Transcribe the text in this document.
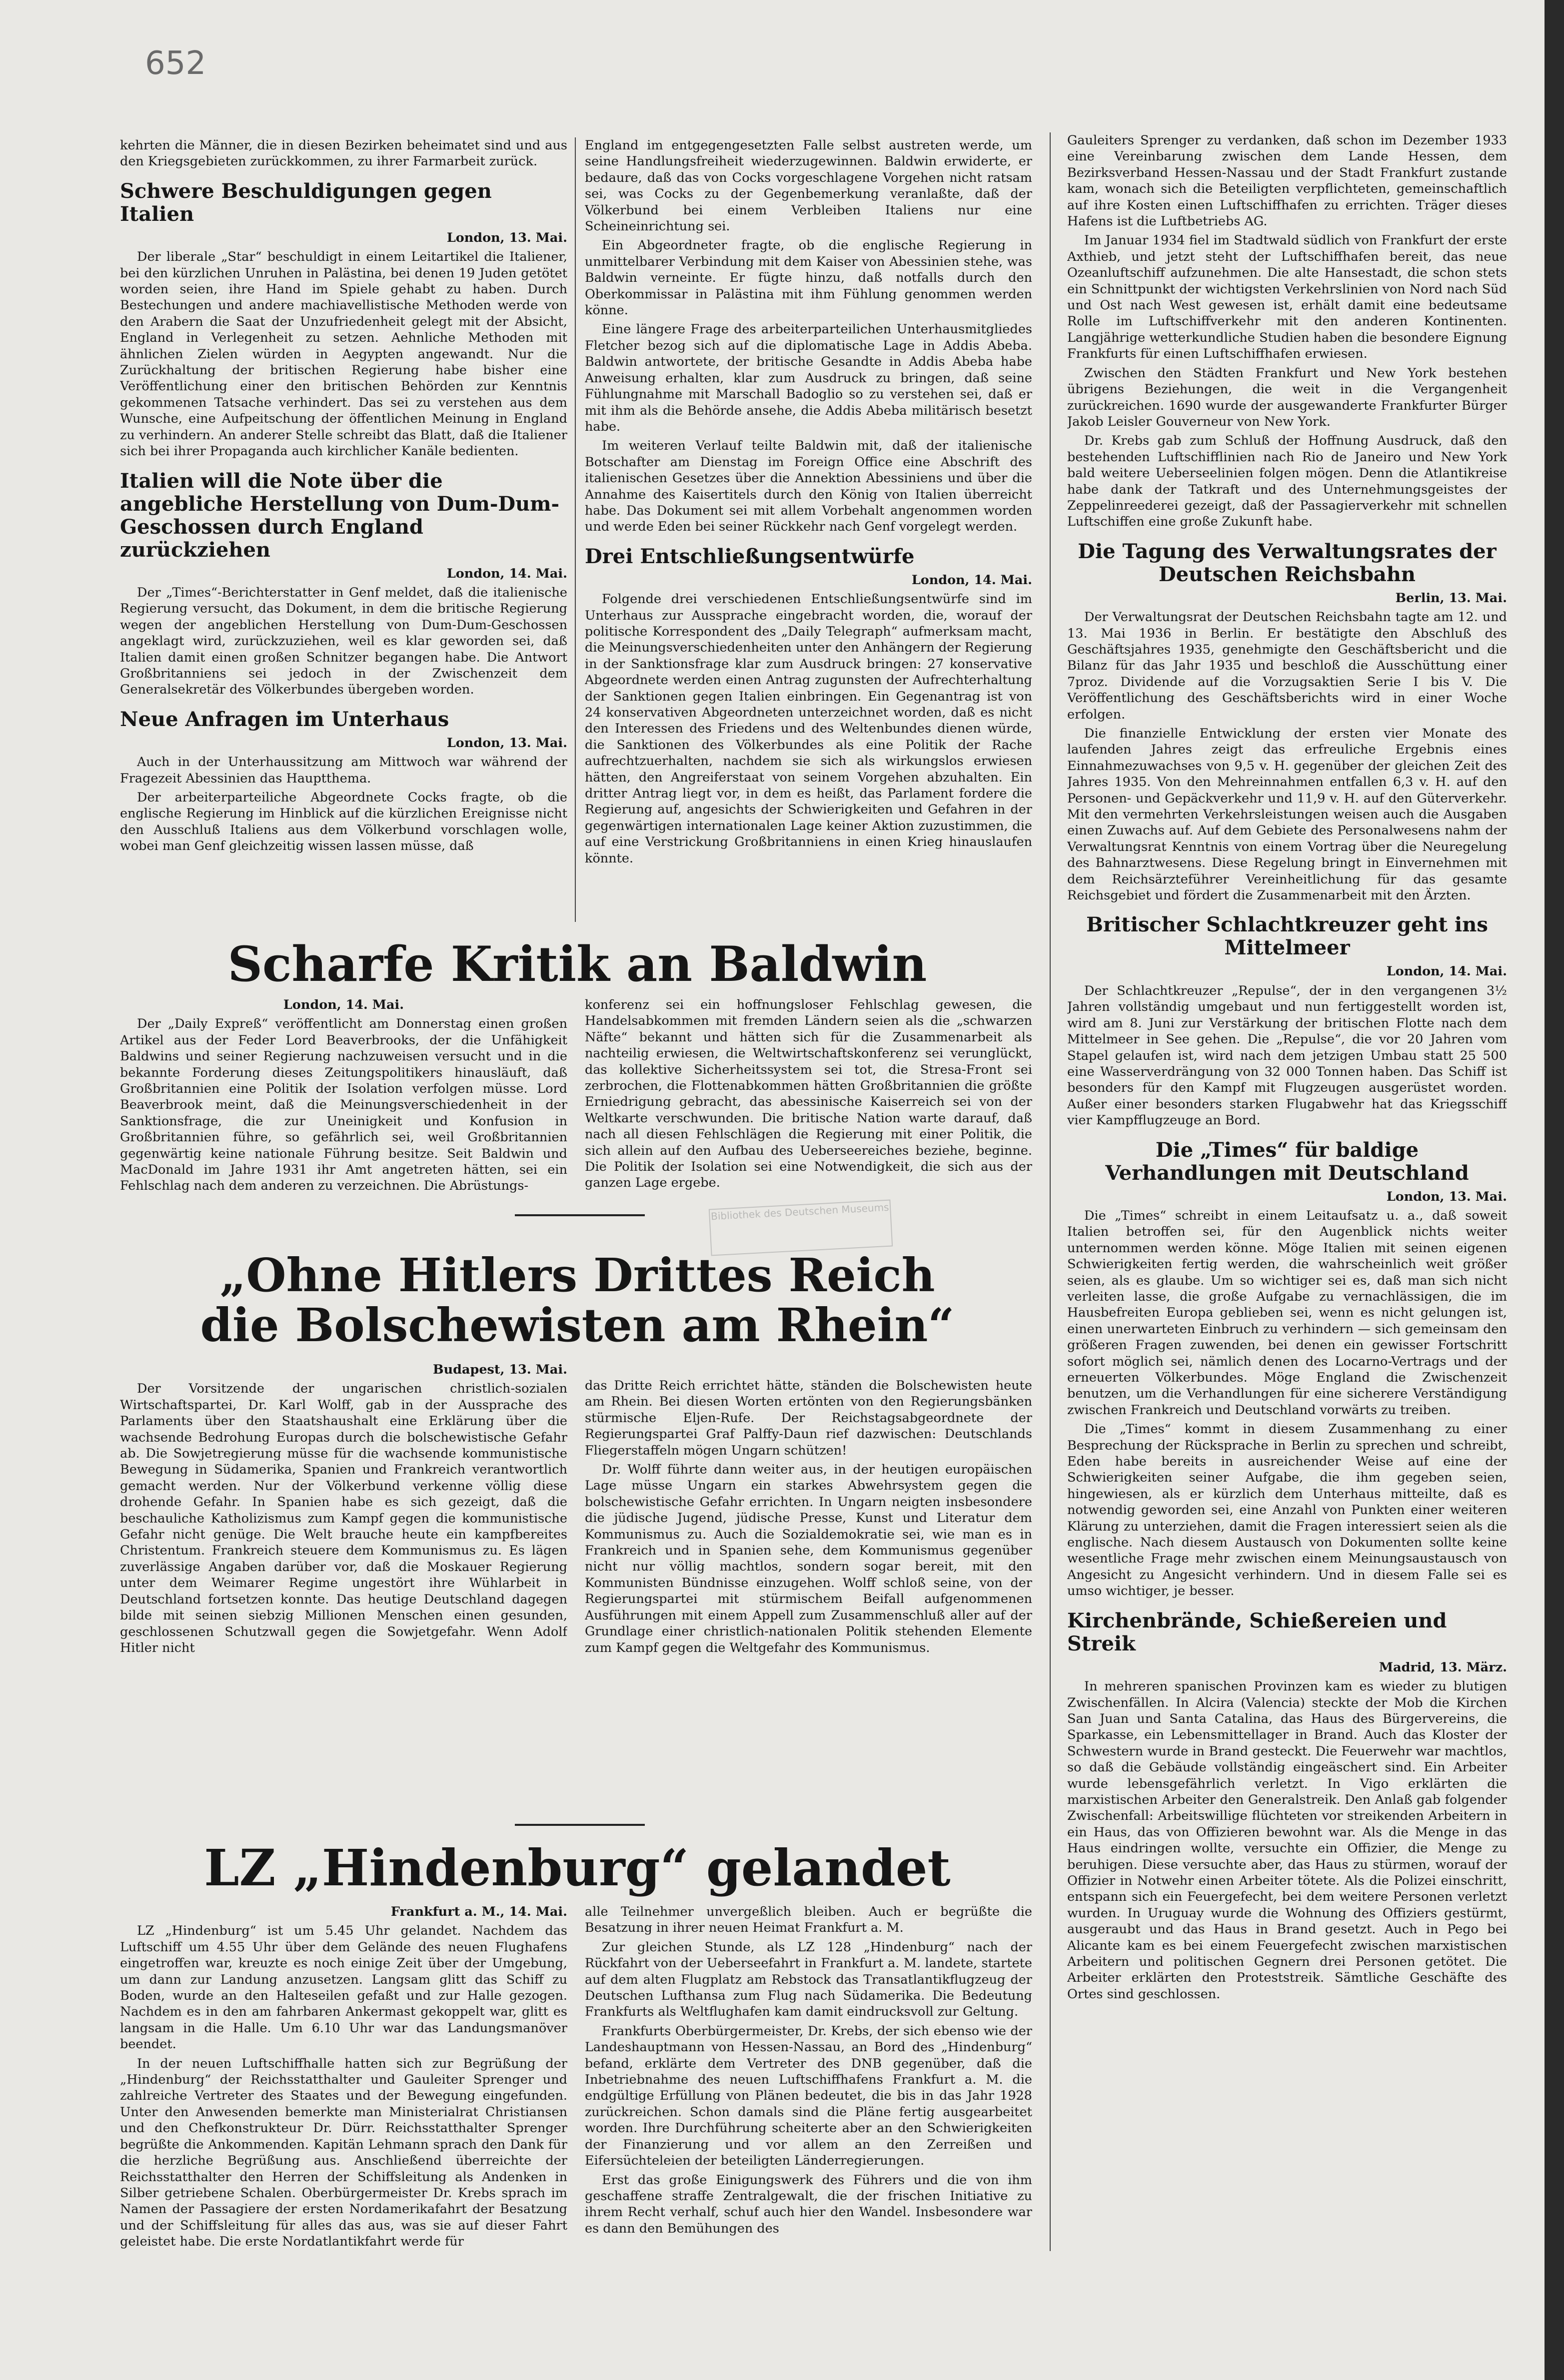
652

kehrten die Männer, die in diesen Bezirken beheimatet sind und aus den Kriegsgebieten zurückkommen, zu ihrer Farmarbeit zurück.

Schwere Beschuldigungen gegen Italien
London, 13. Mai.

Der liberale „Star“ beschuldigt in einem Leitartikel die Italiener, bei den kürzlichen Unruhen in Palästina, bei denen 19 Juden getötet worden seien, ihre Hand im Spiele gehabt zu haben. Durch Bestechungen und andere machiavellistische Methoden werde von den Arabern die Saat der Unzufriedenheit gelegt mit der Absicht, England in Verlegenheit zu setzen. Aehnliche Methoden mit ähnlichen Zielen würden in Aegypten angewandt. Nur die Zurückhaltung der britischen Regierung habe bisher eine Veröffentlichung einer den britischen Behörden zur Kenntnis gekommenen Tatsache verhindert. Das sei zu verstehen aus dem Wunsche, eine Aufpeitschung der öffentlichen Meinung in England zu verhindern. An anderer Stelle schreibt das Blatt, daß die Italiener sich bei ihrer Propaganda auch kirchlicher Kanäle bedienten.

Italien will die Note über die angebliche Herstellung von Dum-Dum-Geschossen durch England zurückziehen
London, 14. Mai.

Der „Times“-Berichterstatter in Genf meldet, daß die italienische Regierung versucht, das Dokument, in dem die britische Regierung wegen der angeblichen Herstellung von Dum-Dum-Geschossen angeklagt wird, zurückzuziehen, weil es klar geworden sei, daß Italien damit einen großen Schnitzer begangen habe. Die Antwort Großbritanniens sei jedoch in der Zwischenzeit dem Generalsekretär des Völkerbundes übergeben worden.

Neue Anfragen im Unterhaus
London, 13. Mai.

Auch in der Unterhaussitzung am Mittwoch war während der Fragezeit Abessinien das Hauptthema.

Der arbeiterparteiliche Abgeordnete Cocks fragte, ob die englische Regierung im Hinblick auf die kürzlichen Ereignisse nicht den Ausschluß Italiens aus dem Völkerbund vorschlagen wolle, wobei man Genf gleichzeitig wissen lassen müsse, daß

England im entgegengesetzten Falle selbst austreten werde, um seine Handlungsfreiheit wiederzugewinnen. Baldwin erwiderte, er bedaure, daß das von Cocks vorgeschlagene Vorgehen nicht ratsam sei, was Cocks zu der Gegenbemerkung veranlaßte, daß der Völkerbund bei einem Verbleiben Italiens nur eine Scheineinrichtung sei.

Ein Abgeordneter fragte, ob die englische Regierung in unmittelbarer Verbindung mit dem Kaiser von Abessinien stehe, was Baldwin verneinte. Er fügte hinzu, daß notfalls durch den Oberkommissar in Palästina mit ihm Fühlung genommen werden könne.

Eine längere Frage des arbeiterparteilichen Unterhausmitgliedes Fletcher bezog sich auf die diplomatische Lage in Addis Abeba. Baldwin antwortete, der britische Gesandte in Addis Abeba habe Anweisung erhalten, klar zum Ausdruck zu bringen, daß seine Fühlungnahme mit Marschall Badoglio so zu verstehen sei, daß er mit ihm als die Behörde ansehe, die Addis Abeba militärisch besetzt habe.

Im weiteren Verlauf teilte Baldwin mit, daß der italienische Botschafter am Dienstag im Foreign Office eine Abschrift des italienischen Gesetzes über die Annektion Abessiniens und über die Annahme des Kaisertitels durch den König von Italien überreicht habe. Das Dokument sei mit allem Vorbehalt angenommen worden und werde Eden bei seiner Rückkehr nach Genf vorgelegt werden.

Drei Entschließungsentwürfe
London, 14. Mai.

Folgende drei verschiedenen Entschließungsentwürfe sind im Unterhaus zur Aussprache eingebracht worden, die, worauf der politische Korrespondent des „Daily Telegraph“ aufmerksam macht, die Meinungsverschiedenheiten unter den Anhängern der Regierung in der Sanktionsfrage klar zum Ausdruck bringen: 27 konservative Abgeordnete werden einen Antrag zugunsten der Aufrechterhaltung der Sanktionen gegen Italien einbringen. Ein Gegenantrag ist von 24 konservativen Abgeordneten unterzeichnet worden, daß es nicht den Interessen des Friedens und des Weltenbundes dienen würde, die Sanktionen des Völkerbundes als eine Politik der Rache aufrechtzuerhalten, nachdem sie sich als wirkungslos erwiesen hätten, den Angreiferstaat von seinem Vorgehen abzuhalten. Ein dritter Antrag liegt vor, in dem es heißt, das Parlament fordere die Regierung auf, angesichts der Schwierigkeiten und Gefahren in der gegenwärtigen internationalen Lage keiner Aktion zuzustimmen, die auf eine Verstrickung Großbritanniens in einen Krieg hinauslaufen könnte.

Gauleiters Sprenger zu verdanken, daß schon im Dezember 1933 eine Vereinbarung zwischen dem Lande Hessen, dem Bezirksverband Hessen-Nassau und der Stadt Frankfurt zustande kam, wonach sich die Beteiligten verpflichteten, gemeinschaftlich auf ihre Kosten einen Luftschiffhafen zu errichten. Träger dieses Hafens ist die Luftbetriebs AG.

Im Januar 1934 fiel im Stadtwald südlich von Frankfurt der erste Axthieb, und jetzt steht der Luftschiffhafen bereit, das neue Ozeanluftschiff aufzunehmen. Die alte Hansestadt, die schon stets ein Schnittpunkt der wichtigsten Verkehrslinien von Nord nach Süd und Ost nach West gewesen ist, erhält damit eine bedeutsame Rolle im Luftschiffverkehr mit den anderen Kontinenten. Langjährige wetterkundliche Studien haben die besondere Eignung Frankfurts für einen Luftschiffhafen erwiesen.

Zwischen den Städten Frankfurt und New York bestehen übrigens Beziehungen, die weit in die Vergangenheit zurückreichen. 1690 wurde der ausgewanderte Frankfurter Bürger Jakob Leisler Gouverneur von New York.

Dr. Krebs gab zum Schluß der Hoffnung Ausdruck, daß den bestehenden Luftschifflinien nach Rio de Janeiro und New York bald weitere Ueberseelinien folgen mögen. Denn die Atlantikreise habe dank der Tatkraft und des Unternehmungsgeistes der Zeppelinreederei gezeigt, daß der Passagierverkehr mit schnellen Luftschiffen eine große Zukunft habe.

Die Tagung des Verwaltungsrates der Deutschen Reichsbahn
Berlin, 13. Mai.

Der Verwaltungsrat der Deutschen Reichsbahn tagte am 12. und 13. Mai 1936 in Berlin. Er bestätigte den Abschluß des Geschäftsjahres 1935, genehmigte den Geschäftsbericht und die Bilanz für das Jahr 1935 und beschloß die Ausschüttung einer 7proz. Dividende auf die Vorzugsaktien Serie I bis V. Die Veröffentlichung des Geschäftsberichts wird in einer Woche erfolgen.

Die finanzielle Entwicklung der ersten vier Monate des laufenden Jahres zeigt das erfreuliche Ergebnis eines Einnahmezuwachses von 9,5 v. H. gegenüber der gleichen Zeit des Jahres 1935. Von den Mehreinnahmen entfallen 6,3 v. H. auf den Personen- und Gepäckverkehr und 11,9 v. H. auf den Güterverkehr. Mit den vermehrten Verkehrsleistungen weisen auch die Ausgaben einen Zuwachs auf. Auf dem Gebiete des Personalwesens nahm der Verwaltungsrat Kenntnis von einem Vortrag über die Neuregelung des Bahnarztwesens. Diese Regelung bringt in Einvernehmen mit dem Reichsärzteführer Vereinheitlichung für das gesamte Reichsgebiet und fördert die Zusammenarbeit mit den Ärzten.

Britischer Schlachtkreuzer geht ins Mittelmeer
London, 14. Mai.

Der Schlachtkreuzer „Repulse“, der in den vergangenen 3½ Jahren vollständig umgebaut und nun fertiggestellt worden ist, wird am 8. Juni zur Verstärkung der britischen Flotte nach dem Mittelmeer in See gehen. Die „Repulse“, die vor 20 Jahren vom Stapel gelaufen ist, wird nach dem jetzigen Umbau statt 25 500 eine Wasserverdrängung von 32 000 Tonnen haben. Das Schiff ist besonders für den Kampf mit Flugzeugen ausgerüstet worden. Außer einer besonders starken Flugabwehr hat das Kriegsschiff vier Kampfflugzeuge an Bord.

Die „Times“ für baldige Verhandlungen mit Deutschland
London, 13. Mai.

Die „Times“ schreibt in einem Leitaufsatz u. a., daß soweit Italien betroffen sei, für den Augenblick nichts weiter unternommen werden könne. Möge Italien mit seinen eigenen Schwierigkeiten fertig werden, die wahrscheinlich weit größer seien, als es glaube. Um so wichtiger sei es, daß man sich nicht verleiten lasse, die große Aufgabe zu vernachlässigen, die im Hausbefreiten Europa geblieben sei, wenn es nicht gelungen ist, einen unerwarteten Einbruch zu verhindern — sich gemeinsam den größeren Fragen zuwenden, bei denen ein gewisser Fortschritt sofort möglich sei, nämlich denen des Locarno-Vertrags und der erneuerten Völkerbundes. Möge England die Zwischenzeit benutzen, um die Verhandlungen für eine sicherere Verständigung zwischen Frankreich und Deutschland vorwärts zu treiben.

Die „Times“ kommt in diesem Zusammenhang zu einer Besprechung der Rücksprache in Berlin zu sprechen und schreibt, Eden habe bereits in ausreichender Weise auf eine der Schwierigkeiten seiner Aufgabe, die ihm gegeben seien, hingewiesen, als er kürzlich dem Unterhaus mitteilte, daß es notwendig geworden sei, eine Anzahl von Punkten einer weiteren Klärung zu unterziehen, damit die Fragen interessiert seien als die englische. Nach diesem Austausch von Dokumenten sollte keine wesentliche Frage mehr zwischen einem Meinungsaustausch von Angesicht zu Angesicht verhindern. Und in diesem Falle sei es umso wichtiger, je besser.

Kirchenbrände, Schießereien und Streik
Madrid, 13. März.

In mehreren spanischen Provinzen kam es wieder zu blutigen Zwischenfällen. In Alcira (Valencia) steckte der Mob die Kirchen San Juan und Santa Catalina, das Haus des Bürgervereins, die Sparkasse, ein Lebensmittellager in Brand. Auch das Kloster der Schwestern wurde in Brand gesteckt. Die Feuerwehr war machtlos, so daß die Gebäude vollständig eingeäschert sind. Ein Arbeiter wurde lebensgefährlich verletzt. In Vigo erklärten die marxistischen Arbeiter den Generalstreik. Den Anlaß gab folgender Zwischenfall: Arbeitswillige flüchteten vor streikenden Arbeitern in ein Haus, das von Offizieren bewohnt war. Als die Menge in das Haus eindringen wollte, versuchte ein Offizier, die Menge zu beruhigen. Diese versuchte aber, das Haus zu stürmen, worauf der Offizier in Notwehr einen Arbeiter tötete. Als die Polizei einschritt, entspann sich ein Feuergefecht, bei dem weitere Personen verletzt wurden. In Uruguay wurde die Wohnung des Offiziers gestürmt, ausgeraubt und das Haus in Brand gesetzt. Auch in Pego bei Alicante kam es bei einem Feuergefecht zwischen marxistischen Arbeitern und politischen Gegnern drei Personen getötet. Die Arbeiter erklärten den Proteststreik. Sämtliche Geschäfte des Ortes sind geschlossen.

Scharfe Kritik an Baldwin
London, 14. Mai.

Der „Daily Expreß“ veröffentlicht am Donnerstag einen großen Artikel aus der Feder Lord Beaverbrooks, der die Unfähigkeit Baldwins und seiner Regierung nachzuweisen versucht und in die bekannte Forderung dieses Zeitungspolitikers hinausläuft, daß Großbritannien eine Politik der Isolation verfolgen müsse. Lord Beaverbrook meint, daß die Meinungsverschiedenheit in der Sanktionsfrage, die zur Uneinigkeit und Konfusion in Großbritannien führe, so gefährlich sei, weil Großbritannien gegenwärtig keine nationale Führung besitze. Seit Baldwin und MacDonald im Jahre 1931 ihr Amt angetreten hätten, sei ein Fehlschlag nach dem anderen zu verzeichnen. Die Abrüstungs-

konferenz sei ein hoffnungsloser Fehlschlag gewesen, die Handelsabkommen mit fremden Ländern seien als die „schwarzen Näfte“ bekannt und hätten sich für die Zusammenarbeit als nachteilig erwiesen, die Weltwirtschaftskonferenz sei verunglückt, das kollektive Sicherheitssystem sei tot, die Stresa-Front sei zerbrochen, die Flottenabkommen hätten Großbritannien die größte Erniedrigung gebracht, das abessinische Kaiserreich sei von der Weltkarte verschwunden. Die britische Nation warte darauf, daß nach all diesen Fehlschlägen die Regierung mit einer Politik, die sich allein auf den Aufbau des Ueberseereiches beziehe, beginne. Die Politik der Isolation sei eine Notwendigkeit, die sich aus der ganzen Lage ergebe.

Bibliothek des Deutschen Museums
„Ohne Hitlers Drittes Reich
die Bolschewisten am Rhein“
Budapest, 13. Mai.

Der Vorsitzende der ungarischen christlich-sozialen Wirtschaftspartei, Dr. Karl Wolff, gab in der Aussprache des Parlaments über den Staatshaushalt eine Erklärung über die wachsende Bedrohung Europas durch die bolschewistische Gefahr ab. Die Sowjetregierung müsse für die wachsende kommunistische Bewegung in Südamerika, Spanien und Frankreich verantwortlich gemacht werden. Nur der Völkerbund verkenne völlig diese drohende Gefahr. In Spanien habe es sich gezeigt, daß die beschauliche Katholizismus zum Kampf gegen die kommunistische Gefahr nicht genüge. Die Welt brauche heute ein kampfbereites Christentum. Frankreich steuere dem Kommunismus zu. Es lägen zuverlässige Angaben darüber vor, daß die Moskauer Regierung unter dem Weimarer Regime ungestört ihre Wühlarbeit in Deutschland fortsetzen konnte. Das heutige Deutschland dagegen bilde mit seinen siebzig Millionen Menschen einen gesunden, geschlossenen Schutzwall gegen die Sowjetgefahr. Wenn Adolf Hitler nicht

das Dritte Reich errichtet hätte, ständen die Bolschewisten heute am Rhein. Bei diesen Worten ertönten von den Regierungsbänken stürmische Eljen-Rufe. Der Reichstagsabgeordnete der Regierungspartei Graf Palffy-Daun rief dazwischen: Deutschlands Fliegerstaffeln mögen Ungarn schützen!

Dr. Wolff führte dann weiter aus, in der heutigen europäischen Lage müsse Ungarn ein starkes Abwehrsystem gegen die bolschewistische Gefahr errichten. In Ungarn neigten insbesondere die jüdische Jugend, jüdische Presse, Kunst und Literatur dem Kommunismus zu. Auch die Sozialdemokratie sei, wie man es in Frankreich und in Spanien sehe, dem Kommunismus gegenüber nicht nur völlig machtlos, sondern sogar bereit, mit den Kommunisten Bündnisse einzugehen. Wolff schloß seine, von der Regierungspartei mit stürmischem Beifall aufgenommenen Ausführungen mit einem Appell zum Zusammenschluß aller auf der Grundlage einer christlich-nationalen Politik stehenden Elemente zum Kampf gegen die Weltgefahr des Kommunismus.

LZ „Hindenburg“ gelandet
Frankfurt a. M., 14. Mai.

LZ „Hindenburg“ ist um 5.45 Uhr gelandet. Nachdem das Luftschiff um 4.55 Uhr über dem Gelände des neuen Flughafens eingetroffen war, kreuzte es noch einige Zeit über der Umgebung, um dann zur Landung anzusetzen. Langsam glitt das Schiff zu Boden, wurde an den Halteseilen gefaßt und zur Halle gezogen. Nachdem es in den am fahrbaren Ankermast gekoppelt war, glitt es langsam in die Halle. Um 6.10 Uhr war das Landungsmanöver beendet.

In der neuen Luftschiffhalle hatten sich zur Begrüßung der „Hindenburg“ der Reichsstatthalter und Gauleiter Sprenger und zahlreiche Vertreter des Staates und der Bewegung eingefunden. Unter den Anwesenden bemerkte man Ministerialrat Christiansen und den Chefkonstrukteur Dr. Dürr. Reichsstatthalter Sprenger begrüßte die Ankommenden. Kapitän Lehmann sprach den Dank für die herzliche Begrüßung aus. Anschließend überreichte der Reichsstatthalter den Herren der Schiffsleitung als Andenken in Silber getriebene Schalen. Oberbürgermeister Dr. Krebs sprach im Namen der Passagiere der ersten Nordamerikafahrt der Besatzung und der Schiffsleitung für alles das aus, was sie auf dieser Fahrt geleistet habe. Die erste Nordatlantikfahrt werde für

alle Teilnehmer unvergeßlich bleiben. Auch er begrüßte die Besatzung in ihrer neuen Heimat Frankfurt a. M.

Zur gleichen Stunde, als LZ 128 „Hindenburg“ nach der Rückfahrt von der Ueberseefahrt in Frankfurt a. M. landete, startete auf dem alten Flugplatz am Rebstock das Transatlantikflugzeug der Deutschen Lufthansa zum Flug nach Südamerika. Die Bedeutung Frankfurts als Weltflughafen kam damit eindrucksvoll zur Geltung.

Frankfurts Oberbürgermeister, Dr. Krebs, der sich ebenso wie der Landeshauptmann von Hessen-Nassau, an Bord des „Hindenburg“ befand, erklärte dem Vertreter des DNB gegenüber, daß die Inbetriebnahme des neuen Luftschiffhafens Frankfurt a. M. die endgültige Erfüllung von Plänen bedeutet, die bis in das Jahr 1928 zurückreichen. Schon damals sind die Pläne fertig ausgearbeitet worden. Ihre Durchführung scheiterte aber an den Schwierigkeiten der Finanzierung und vor allem an den Zerreißen und Eifersüchteleien der beteiligten Länderregierungen.

Erst das große Einigungswerk des Führers und die von ihm geschaffene straffe Zentralgewalt, die der frischen Initiative zu ihrem Recht verhalf, schuf auch hier den Wandel. Insbesondere war es dann den Bemühungen des
